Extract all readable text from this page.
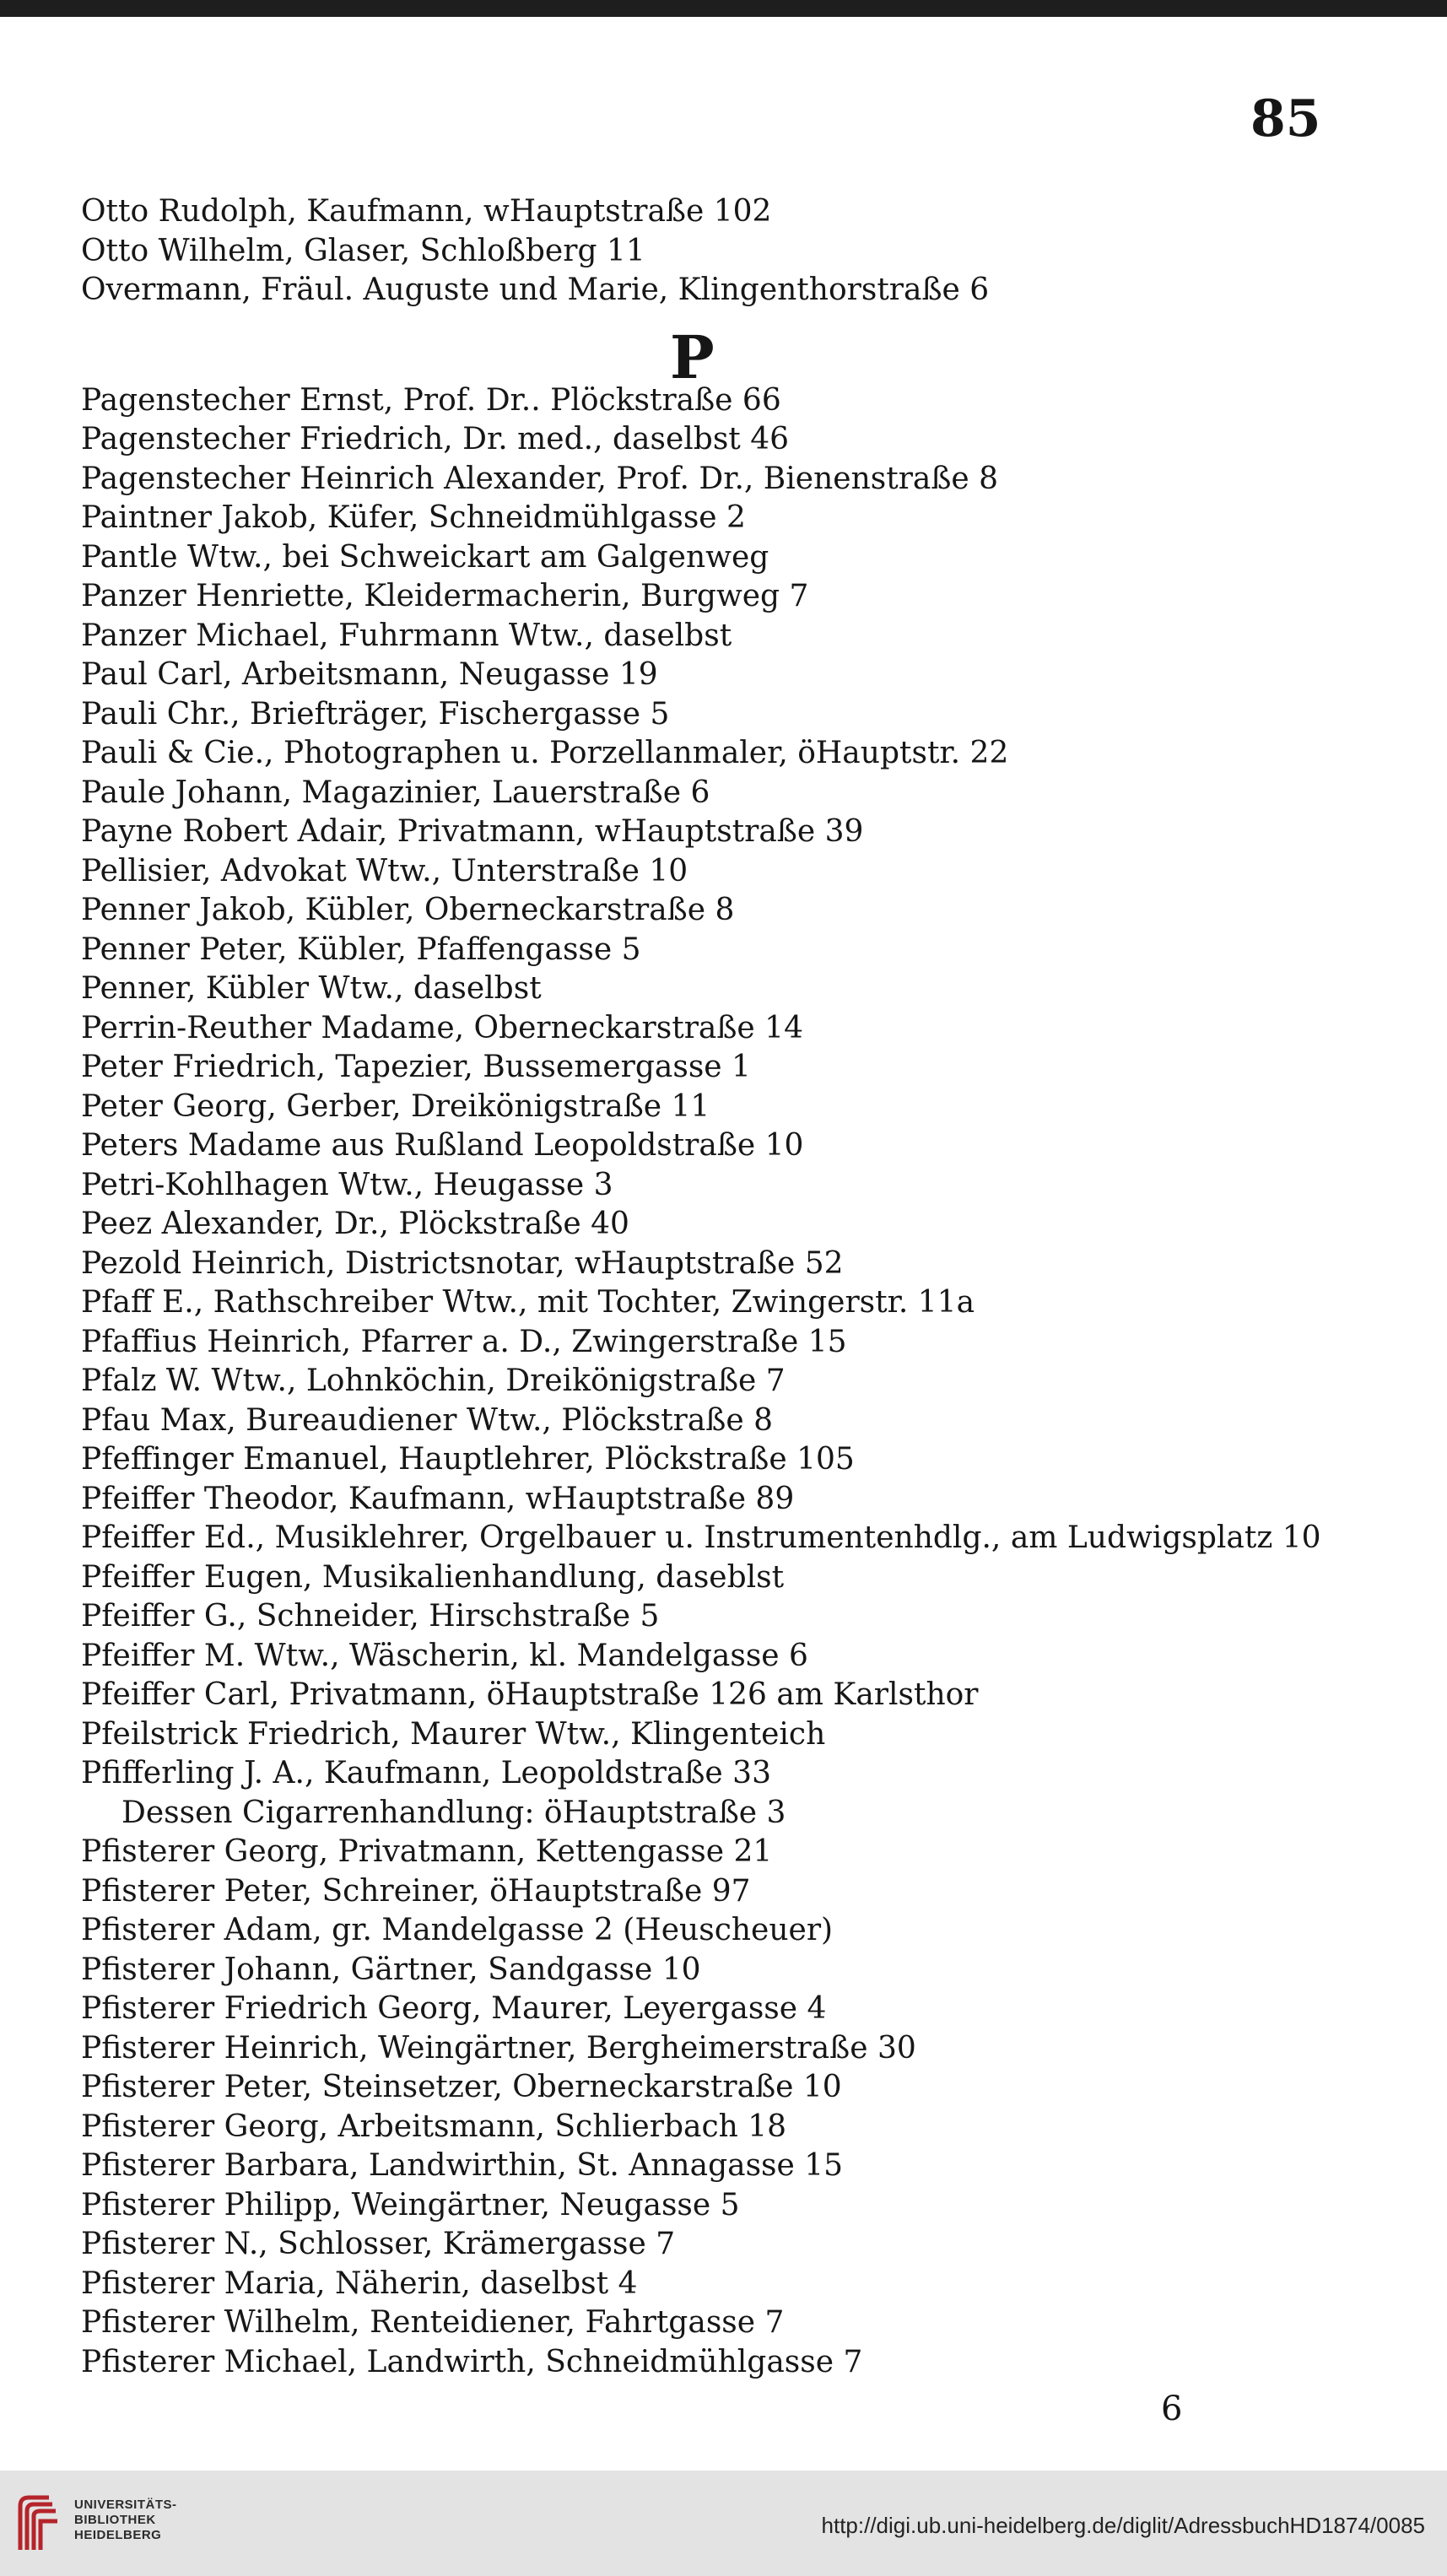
85
Otto Rudolph, Kaufmann, wHauptstraße 102
Otto Wilhelm, Glaser, Schloßberg 11
Overmann, Fräul. Auguste und Marie, Klingenthorstraße 6
Pagenstecher Ernst, Prof. Dr.. Plöckstraße 66
Pagenstecher Friedrich, Dr. med., daselbst 46
Pagenstecher Heinrich Alexander, Prof. Dr., Bienenstraße 8
Paintner Jakob, Küfer, Schneidmühlgasse 2
Pantle Wtw., bei Schweickart am Galgenweg
Panzer Henriette, Kleidermacherin, Burgweg 7
Panzer Michael, Fuhrmann Wtw., daselbst
Paul Carl, Arbeitsmann, Neugasse 19
Pauli Chr., Briefträger, Fischergasse 5
Pauli & Cie., Photographen u. Porzellanmaler, öHauptstr. 22
Paule Johann, Magazinier, Lauerstraße 6
Payne Robert Adair, Privatmann, wHauptstraße 39
Pellisier, Advokat Wtw., Unterstraße 10
Penner Jakob, Kübler, Oberneckarstraße 8
Penner Peter, Kübler, Pfaffengasse 5
Penner, Kübler Wtw., daselbst
Perrin-Reuther Madame, Oberneckarstraße 14
Peter Friedrich, Tapezier, Bussemergasse 1
Peter Georg, Gerber, Dreikönigstraße 11
Peters Madame aus Rußland Leopoldstraße 10
Petri-Kohlhagen Wtw., Heugasse 3
Peez Alexander, Dr., Plöckstraße 40
Pezold Heinrich, Districtsnotar, wHauptstraße 52
Pfaff E., Rathschreiber Wtw., mit Tochter, Zwingerstr. 11a
Pfaffius Heinrich, Pfarrer a. D., Zwingerstraße 15
Pfalz W. Wtw., Lohnköchin, Dreikönigstraße 7
Pfau Max, Bureaudiener Wtw., Plöckstraße 8
Pfeffinger Emanuel, Hauptlehrer, Plöckstraße 105
Pfeiffer Theodor, Kaufmann, wHauptstraße 89
Pfeiffer Ed., Musiklehrer, Orgelbauer u. Instrumentenhdlg., am Ludwigsplatz 10
Pfeiffer Eugen, Musikalienhandlung, daseblst
Pfeiffer G., Schneider, Hirschstraße 5
Pfeiffer M. Wtw., Wäscherin, kl. Mandelgasse 6
Pfeiffer Carl, Privatmann, öHauptstraße 126 am Karlsthor
Pfeilstrick Friedrich, Maurer Wtw., Klingenteich
Pfifferling J. A., Kaufmann, Leopoldstraße 33
Dessen Cigarrenhandlung: öHauptstraße 3
Pfisterer Georg, Privatmann, Kettengasse 21
Pfisterer Peter, Schreiner, öHauptstraße 97
Pfisterer Adam, gr. Mandelgasse 2 (Heuscheuer)
Pfisterer Johann, Gärtner, Sandgasse 10
Pfisterer Friedrich Georg, Maurer, Leyergasse 4
Pfisterer Heinrich, Weingärtner, Bergheimerstraße 30
Pfisterer Peter, Steinsetzer, Oberneckarstraße 10
Pfisterer Georg, Arbeitsmann, Schlierbach 18
Pfisterer Barbara, Landwirthin, St. Annagasse 15
Pfisterer Philipp, Weingärtner, Neugasse 5
Pfisterer N., Schlosser, Krämergasse 7
Pfisterer Maria, Näherin, daselbst 4
Pfisterer Wilhelm, Renteidiener, Fahrtgasse 7
Pfisterer Michael, Landwirth, Schneidmühlgasse 7
P
6
UNIVERSITÄTS-
BIBLIOTHEK
HEIDELBERG	http://digi.ub.uni-heidelberg.de/diglit/AdressbuchHD1874/0085
